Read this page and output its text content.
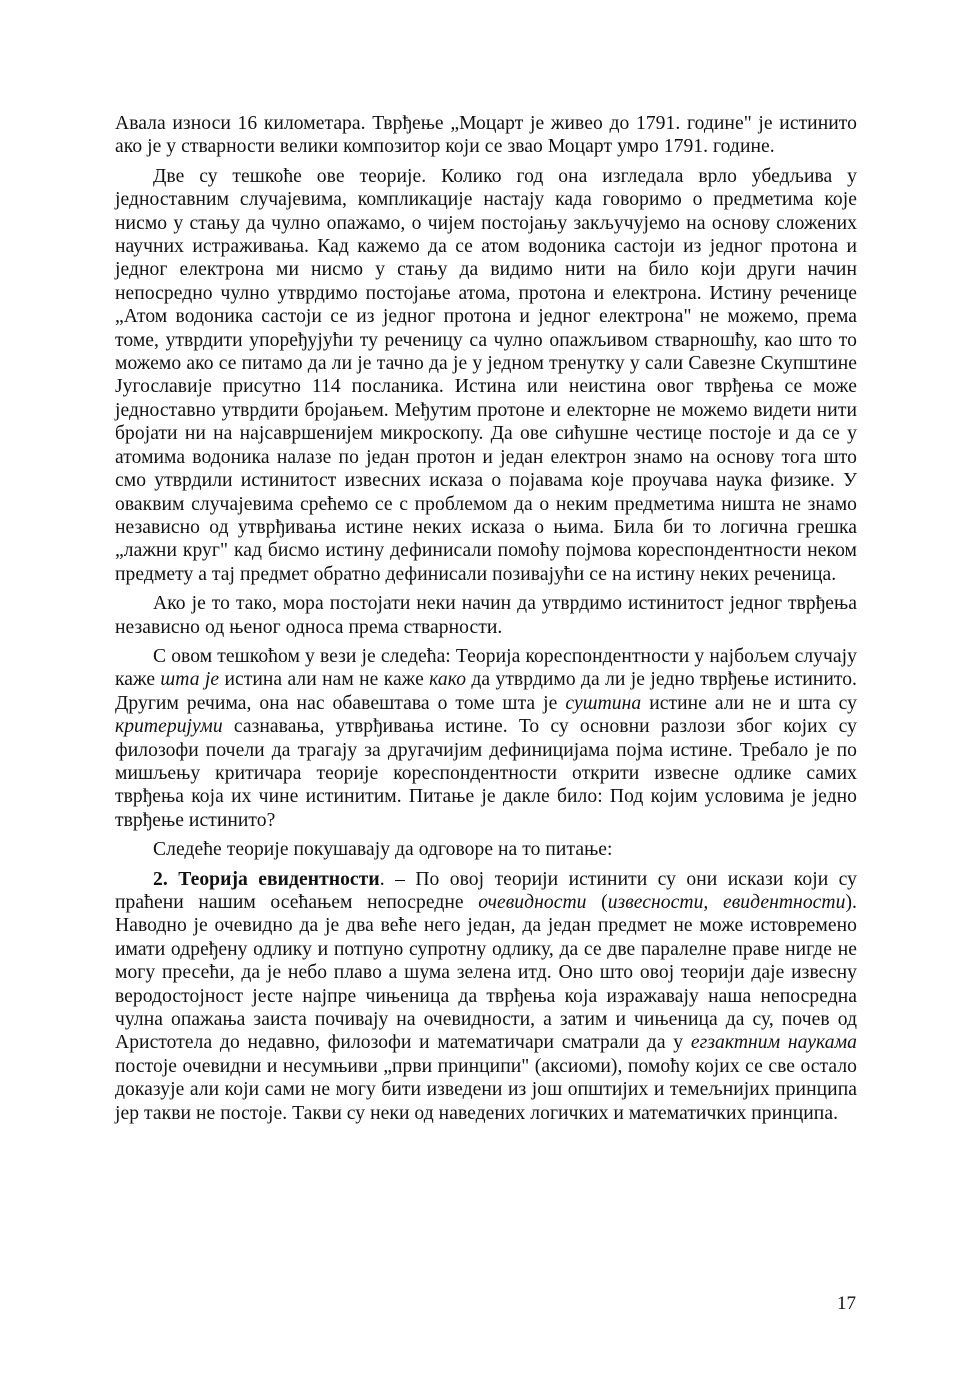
Авала износи 16 километара. Тврђење „Моцарт је живео до 1791. године" је истинито ако је у стварности велики композитор који се звао Моцарт умро 1791. године.

Две су тешкоће ове теорије. Колико год она изгледала врло убедљива у једноставним случајевима, компликације настају када говоримо о предметима које нисмо у стању да чулно опажамо, о чијем постојању закључујемо на основу сложених научних истраживања. Кад кажемо да се атом водоника састоји из једног протона и једног електрона ми нисмо у стању да видимо нити на било који други начин непосредно чулно утврдимо постојање атома, протона и електрона. Истину реченице „Атом водоника састоји се из једног протона и једног електрона" не можемо, према томе, утврдити упоређујући ту реченицу са чулно опажљивом стварношћу, као што то можемо ако се питамо да ли је тачно да је у једном тренутку у сали Савезне Скупштине Југославије присутно 114 посланика. Истина или неистина овог тврђења се може једноставно утврдити бројањем. Међутим протоне и електорне не можемо видети нити бројати ни на најсавршенијем микроскопу. Да ове сићушне честице постоје и да се у атомима водоника налазе по један протон и један електрон знамо на основу тога што смо утврдили истинитост извесних исказа о појавама које проучава наука физике. У оваквим случајевима срећемо се с проблемом да о неким предметима ништа не знамо независно од утврђивања истине неких исказа о њима. Била би то логична грешка „лажни круг" кад бисмо истину дефинисали помоћу појмова кореспондентности неком предмету а тај предмет обратно дефинисали позивајући се на истину неких реченица.

Ако је то тако, мора постојати неки начин да утврдимо истинитост једног тврђења независно од њеног односа према стварности.

С овом тешкоћом у вези је следећа: Теорија кореспондентности у најбољем случају каже шта је истина али нам не каже како да утврдимо да ли је једно тврђење истинито. Другим речима, она нас обавештава о томе шта је суштина истине али не и шта су критеријуми сазнавања, утврђивања истине. То су основни разлози због којих су филозофи почели да трагају за другачијим дефиницијама појма истине. Требало је по мишљењу критичара теорије кореспондентности открити извесне одлике самих тврђења која их чине истинитим. Питање је дакле било: Под којим условима је једно тврђење истинито?

Следеће теорије покушавају да одговоре на то питање:

2. Теорија евидентности. – По овој теорији истинити су они искази који су праћени нашим осећањем непосредне очевидности (извесности, евидентности). Наводно је очевидно да је два веће него један, да један предмет не може истовремено имати одређену одлику и потпуно супротну одлику, да се две паралелне праве нигде не могу пресећи, да је небо плаво а шума зелена итд. Оно што овој теорији даје извесну веродостојност јесте најпре чињеница да тврђења која изражавају наша непосредна чулна опажања заиста почивају на очевидности, а затим и чињеница да су, почев од Аристотела до недавно, филозофи и математичари сматрали да у егзактним наукама постоје очевидни и несумњиви „први принципи" (аксиоми), помоћу којих се све остало доказује али који сами не могу бити изведени из још општијих и темељнијих принципа јер такви не постоје. Такви су неки од наведених логичких и математичких принципа.

17
